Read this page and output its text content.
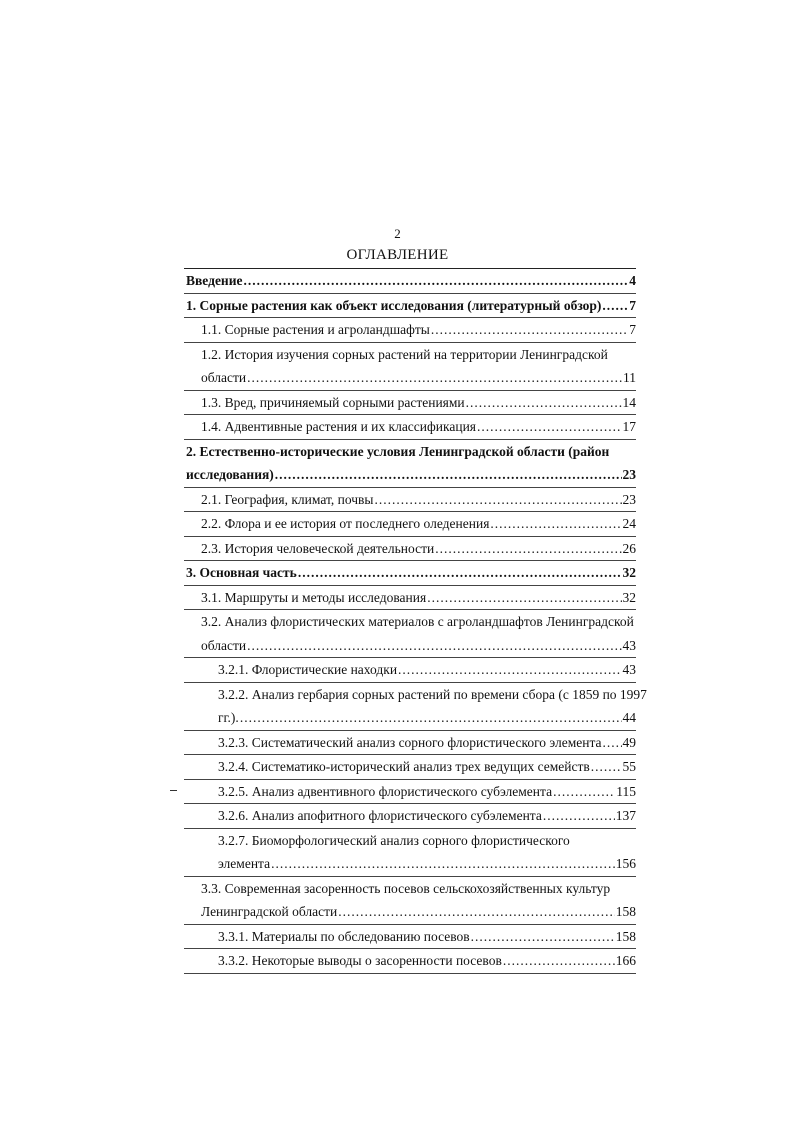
2
ОГЛАВЛЕНИЕ
Введение .....	4
1. Сорные растения как объект исследования (литературный обзор) ..... 7
1.1. Сорные растения и агроландшафты .....	7
1.2. История изучения сорных растений на территории Ленинградской
области .....	11
1.3. Вред, причиняемый сорными растениями .....	14
1.4. Адвентивные растения и их классификация .....	17
2. Естественно-исторические условия Ленинградской области (район
исследования) .....	23
2.1. География, климат, почвы .....	23
2.2. Флора и ее история от последнего оледенения .....	24
2.3. История человеческой деятельности .....	26
3. Основная часть .....	32
3.1. Маршруты и методы исследования .....	32
3.2. Анализ флористических материалов с агроландшафтов Ленинградской
области .....	43
3.2.1. Флористические находки .....	43
3.2.2. Анализ гербария сорных растений по времени сбора (с 1859 по 1997
гг.). .....	44
3.2.3. Систематический анализ сорного флористического элемента ..... 49
3.2.4. Систематико-исторический анализ трех ведущих семейств ..... 55
3.2.5. Анализ адвентивного флористического субэлемента .....	115
3.2.6. Анализ апофитного флористического субэлемента .....	137
3.2.7. Биоморфологический анализ сорного флористического
элемента .....	156
3.3. Современная засоренность посевов сельскохозяйственных культур
Ленинградской области .....	158
3.3.1. Материалы по обследованию посевов .....	158
3.3.2. Некоторые выводы о засоренности посевов .....	166
